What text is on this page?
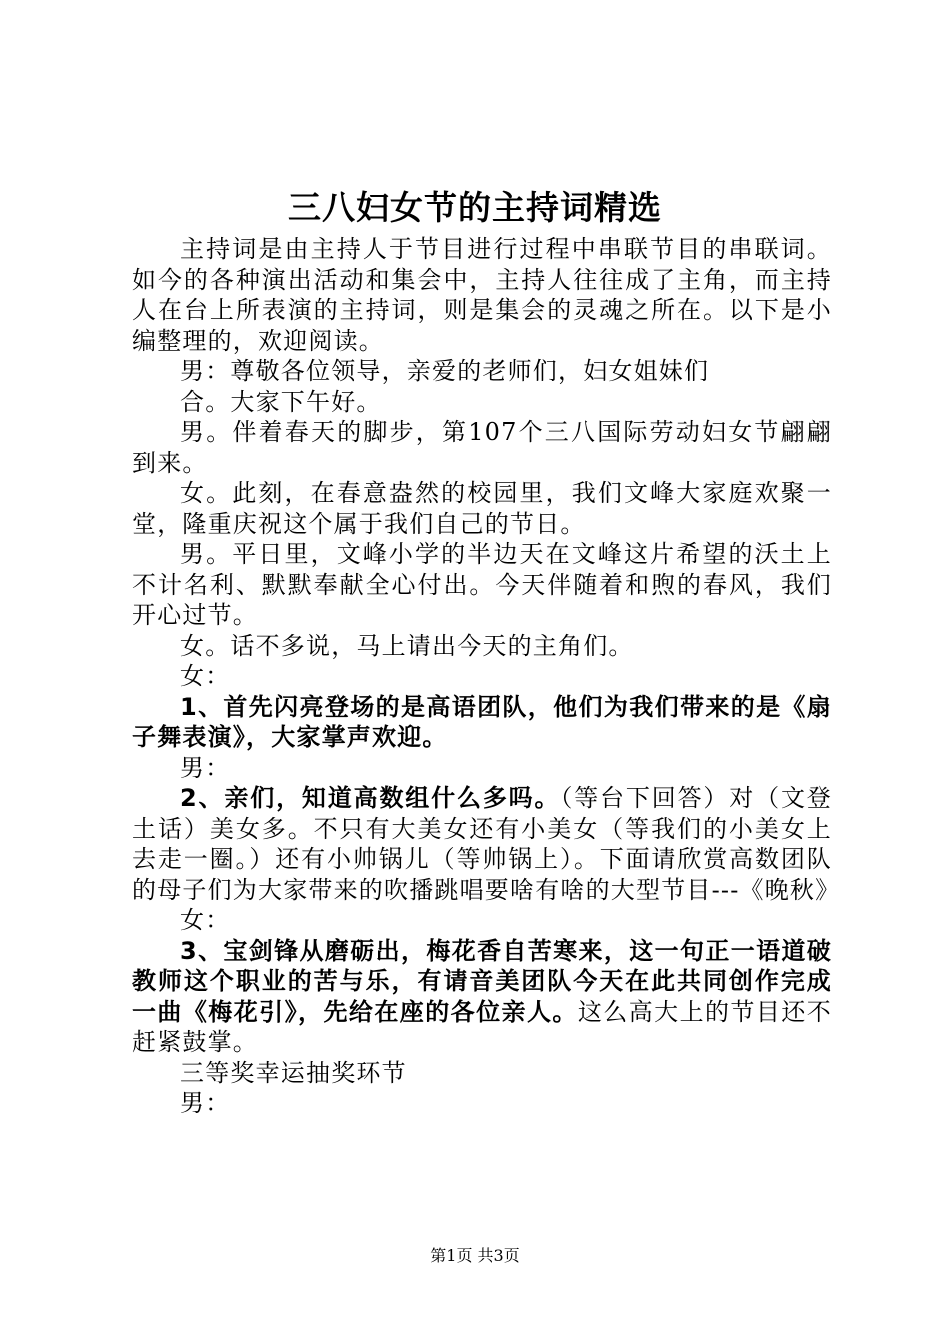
三八妇女节的主持词精选

主持词是由主持人于节目进行过程中串联节目的串联词。如今的各种演出活动和集会中，主持人往往成了主角，而主持人在台上所表演的主持词，则是集会的灵魂之所在。以下是小编整理的，欢迎阅读。

男：尊敬各位领导，亲爱的老师们，妇女姐妹们

合。大家下午好。

男。伴着春天的脚步，第107个三八国际劳动妇女节翩翩到来。

女。此刻，在春意盎然的校园里，我们文峰大家庭欢聚一堂，隆重庆祝这个属于我们自己的节日。

男。平日里，文峰小学的半边天在文峰这片希望的沃土上不计名利、默默奉献全心付出。今天伴随着和煦的春风，我们开心过节。

女。话不多说，马上请出今天的主角们。

女：

1、首先闪亮登场的是高语团队，他们为我们带来的是《扇子舞表演》，大家掌声欢迎。

男：

2、亲们，知道高数组什么多吗。（等台下回答）对（文登土话）美女多。不只有大美女还有小美女（等我们的小美女上去走一圈。）还有小帅锅儿（等帅锅上）。下面请欣赏高数团队的母子们为大家带来的吹播跳唱要啥有啥的大型节目---《晚秋》

女：

3、宝剑锋从磨砺出，梅花香自苦寒来，这一句正一语道破教师这个职业的苦与乐，有请音美团队今天在此共同创作完成一曲《梅花引》，先给在座的各位亲人。这么高大上的节目还不赶紧鼓掌。

三等奖幸运抽奖环节

男：

第1页 共3页
